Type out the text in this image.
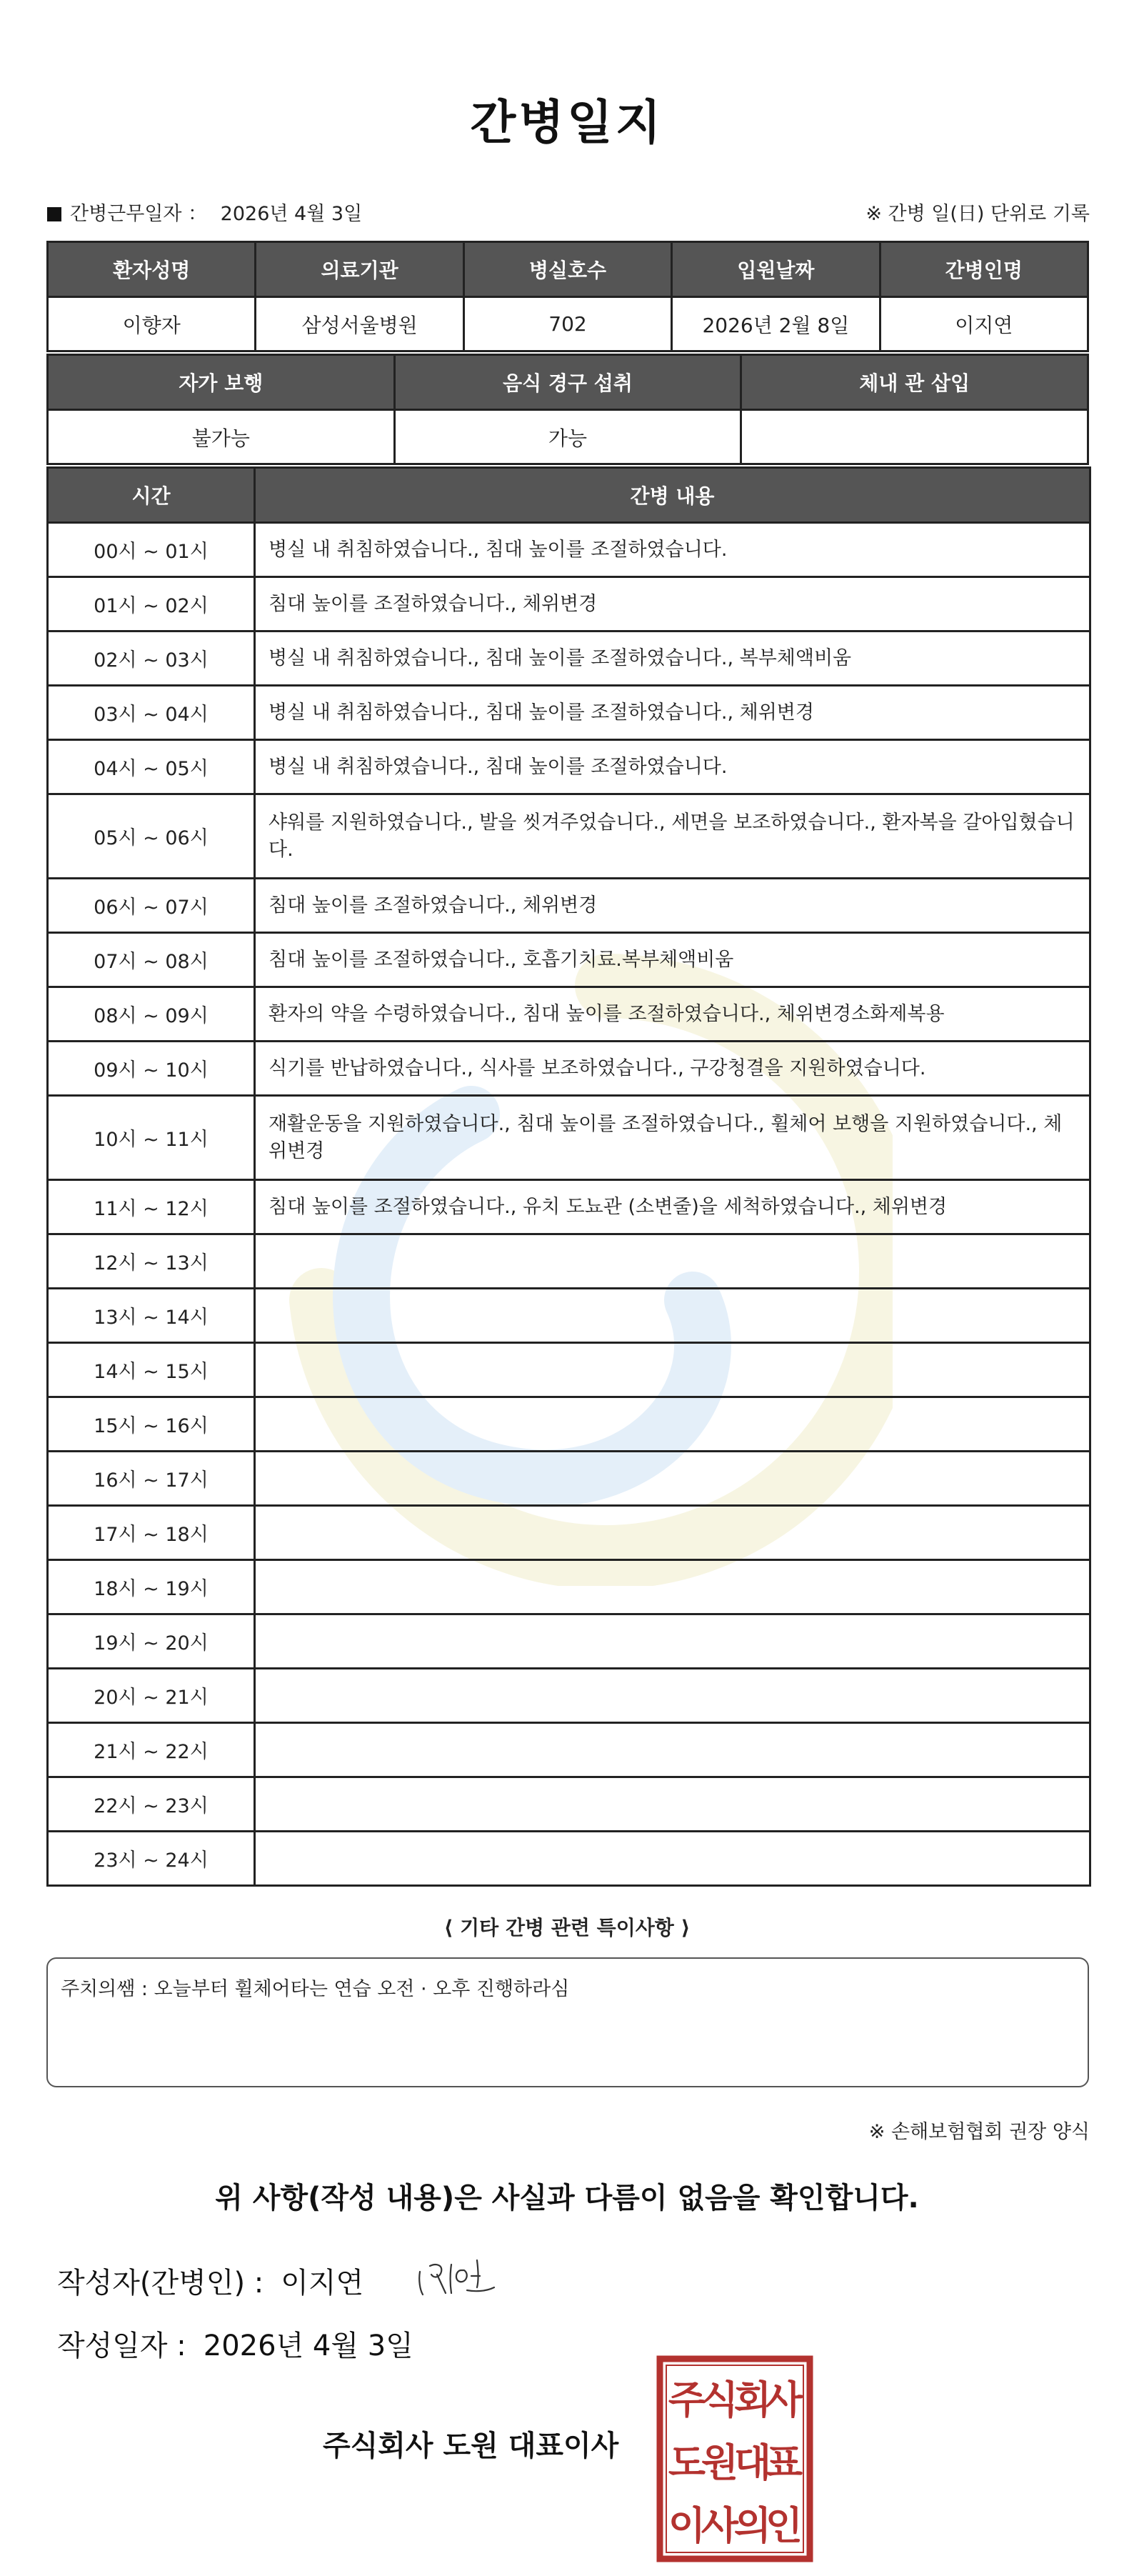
간병일지
간병근무일자 ： 2026년 4월 3일	※ 간병 일(日) 단위로 기록
환자성명	의료기관	병실호수	입원날짜	간병인명
이향자	삼성서울병원	702	2026년 2월 8일	이지연
자가 보행	음식 경구 섭취	체내 관 삽입
불가능	가능	
시간	간병 내용
00시 ~ 01시	병실 내 취침하였습니다., 침대 높이를 조절하였습니다.
01시 ~ 02시	침대 높이를 조절하였습니다., 체위변경
02시 ~ 03시	병실 내 취침하였습니다., 침대 높이를 조절하였습니다., 복부체액비움
03시 ~ 04시	병실 내 취침하였습니다., 침대 높이를 조절하였습니다., 체위변경
04시 ~ 05시	병실 내 취침하였습니다., 침대 높이를 조절하였습니다.
05시 ~ 06시	샤워를 지원하였습니다., 발을 씻겨주었습니다., 세면을 보조하였습니다., 환자복을 갈아입혔습니다.
06시 ~ 07시	침대 높이를 조절하였습니다., 체위변경
07시 ~ 08시	침대 높이를 조절하였습니다., 호흡기치료.복부체액비움
08시 ~ 09시	환자의 약을 수령하였습니다., 침대 높이를 조절하였습니다., 체위변경소화제복용
09시 ~ 10시	식기를 반납하였습니다., 식사를 보조하였습니다., 구강청결을 지원하였습니다.
10시 ~ 11시	재활운동을 지원하였습니다., 침대 높이를 조절하였습니다., 휠체어 보행을 지원하였습니다., 체위변경
11시 ~ 12시	침대 높이를 조절하였습니다., 유치 도뇨관 (소변줄)을 세척하였습니다., 체위변경
12시 ~ 13시	
13시 ~ 14시	
14시 ~ 15시	
15시 ~ 16시	
16시 ~ 17시	
17시 ~ 18시	
18시 ~ 19시	
19시 ~ 20시	
20시 ~ 21시	
21시 ~ 22시	
22시 ~ 23시	
23시 ~ 24시	
⟨ 기타 간병 관련 특이사항 ⟩
주치의쌤 : 오늘부터 휠체어타는 연습 오전 · 오후 진행하라심
※ 손해보험협회 권장 양식
위 사항(작성 내용)은 사실과 다름이 없음을 확인합니다.
작성자(간병인) : 이지연
작성일자 : 2026년 4월 3일
주식회사 도원 대표이사
주
식
회
사
도
원
대
표
이
사
의
인
